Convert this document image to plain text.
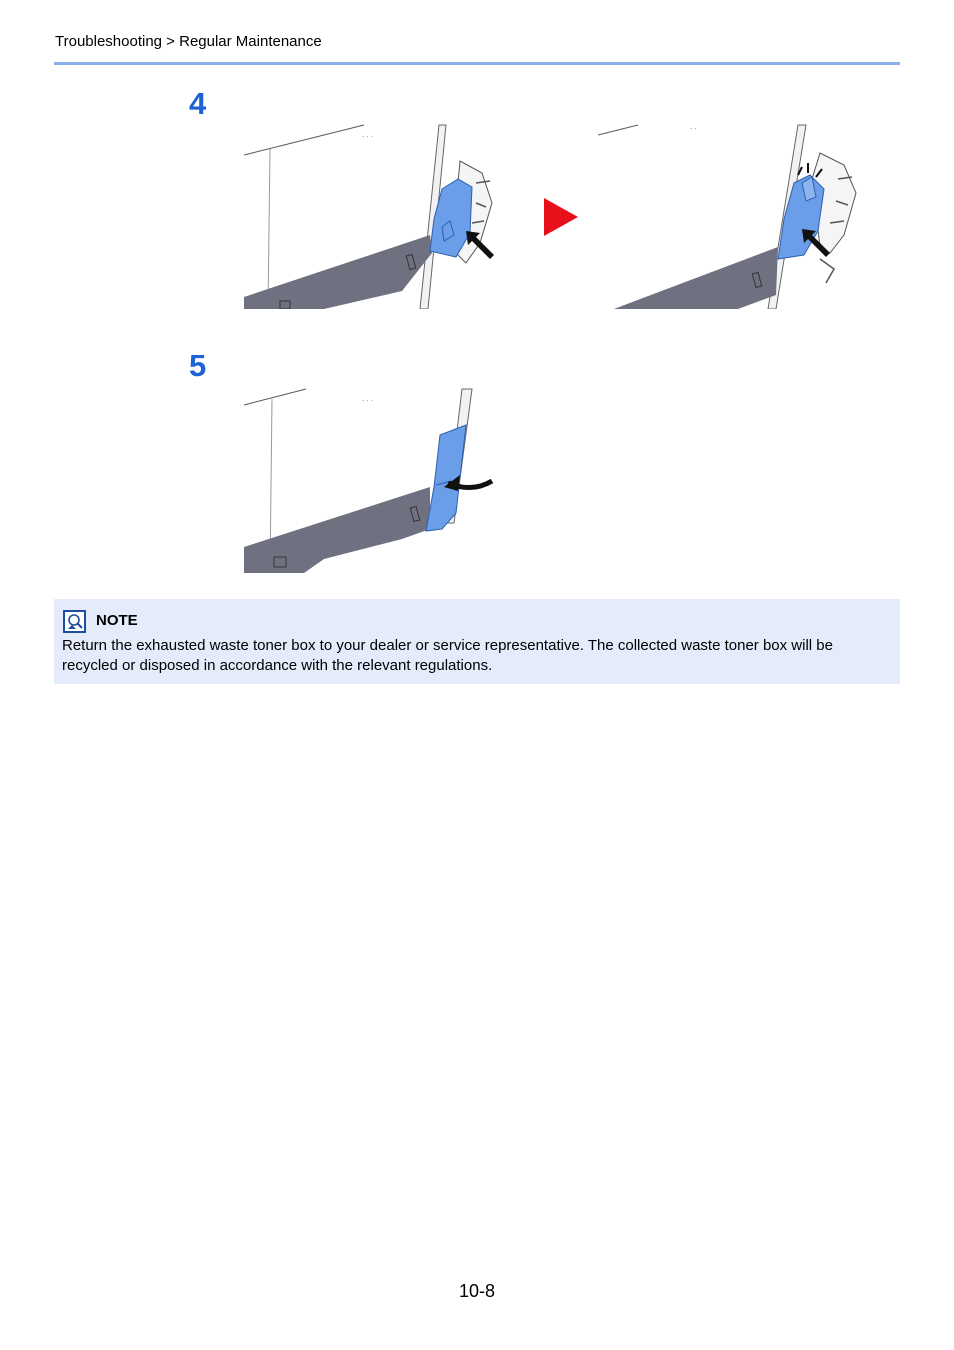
Troubleshooting > Regular Maintenance
4
. . .
. .
5
. . .
NOTE
Return the exhausted waste toner box to your dealer or service representative. The collected waste toner box will be recycled or disposed in accordance with the relevant regulations.
10-8
